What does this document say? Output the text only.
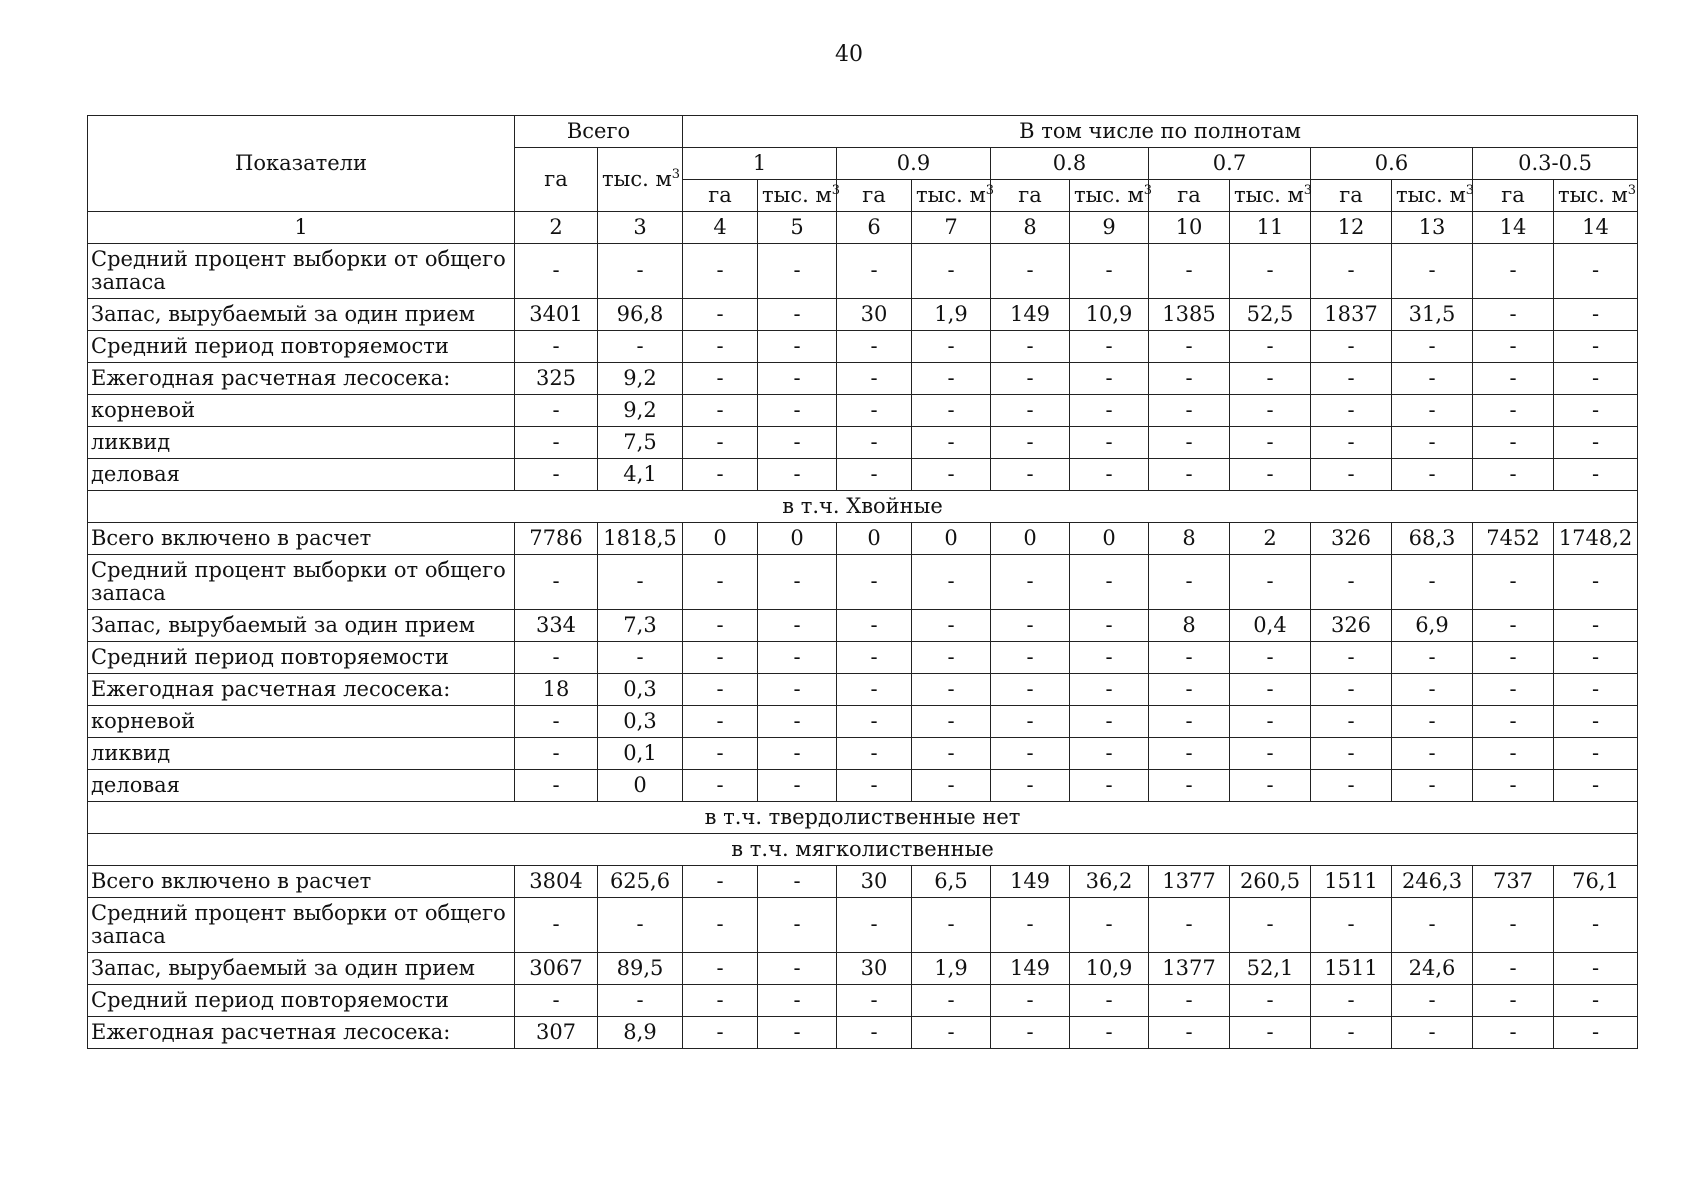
40
Показатели	Всего		В том числе по полнотам											
	га	тыс. $м^3$	1		0.9		0.8		0.7		0.6		0.3-0.5	
			га	тыс. $м^3$	га	тыс. $м^3$	га	тыс. $м^3$	га	тыс. $м^3$	га	тыс. $м^3$	га	тыс. $м^3$
1	2	3	4	5	6	7	8	9	10	11	12	13	14	14
Средний процент выборки от общего запаса	-	-	-	-	-	-	-	-	-	-	-	-	-	-
Запас, вырубаемый за один прием	3401	96,8	-	-	30	1,9	149	10,9	1385	52,5	1837	31,5	-	-
Средний период повторяемости	-	-	-	-	-	-	-	-	-	-	-	-	-	-
Ежегодная расчетная лесосека:	325	9,2	-	-	-	-	-	-	-	-	-	-	-	-
корневой	-	9,2	-	-	-	-	-	-	-	-	-	-	-	-
ликвид	-	7,5	-	-	-	-	-	-	-	-	-	-	-	-
деловая	-	4,1	-	-	-	-	-	-	-	-	-	-	-	-
в т.ч. Хвойные														
Всего включено в расчет	7786	1818,5	0	0	0	0	0	0	8	2	326	68,3	7452	1748,2
Средний процент выборки от общего запаса	-	-	-	-	-	-	-	-	-	-	-	-	-	-
Запас, вырубаемый за один прием	334	7,3	-	-	-	-	-	-	8	0,4	326	6,9	-	-
Средний период повторяемости	-	-	-	-	-	-	-	-	-	-	-	-	-	-
Ежегодная расчетная лесосека:	18	0,3	-	-	-	-	-	-	-	-	-	-	-	-
корневой	-	0,3	-	-	-	-	-	-	-	-	-	-	-	-
ликвид	-	0,1	-	-	-	-	-	-	-	-	-	-	-	-
деловая	-	0	-	-	-	-	-	-	-	-	-	-	-	-
в т.ч. твердолиственные нет														
в т.ч. мягколиственные														
Всего включено в расчет	3804	625,6	-	-	30	6,5	149	36,2	1377	260,5	1511	246,3	737	76,1
Средний процент выборки от общего запаса	-	-	-	-	-	-	-	-	-	-	-	-	-	-
Запас, вырубаемый за один прием	3067	89,5	-	-	30	1,9	149	10,9	1377	52,1	1511	24,6	-	-
Средний период повторяемости	-	-	-	-	-	-	-	-	-	-	-	-	-	-
Ежегодная расчетная лесосека:	307	8,9	-	-	-	-	-	-	-	-	-	-	-	-
